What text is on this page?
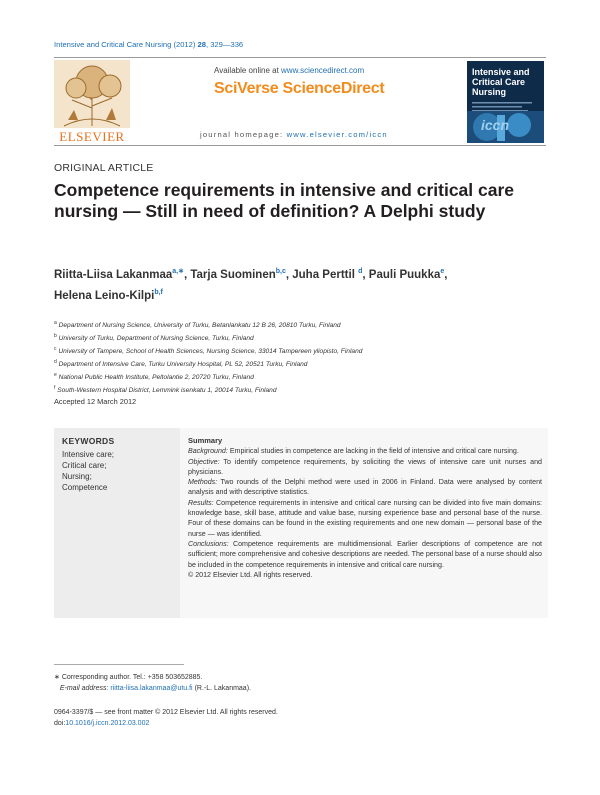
Intensive and Critical Care Nursing (2012) 28, 329—336
ELSEVIER
Available online at www.sciencedirect.com
SciVerse ScienceDirect
journal homepage: www.elsevier.com/iccn
Intensive and Critical Care Nursing
iccn
ORIGINAL ARTICLE
Competence requirements in intensive and critical care nursing — Still in need of definition? A Delphi study
Riitta-Liisa Lakanmaa$^{a,∗}$, Tarja Suominen$^{b,c}$, Juha Perttil $^d$, Pauli Puukka$^e$,
Helena Leino-Kilpi$^{b,f}$
$^a$ Department of Nursing Science, University of Turku, Betanlankatu 12 B 26, 20810 Turku, Finland
$^b$ University of Turku, Department of Nursing Science, Turku, Finland
$^c$ University of Tampere, School of Health Sciences, Nursing Science, 33014 Tampereen yliopisto, Finland
$^d$ Department of Intensive Care, Turku University Hospital, PL 52, 20521 Turku, Finland
$^e$ National Public Health Institute, Peltolantie 2, 20720 Turku, Finland
$^f$ South-Western Hospital District, Lemmink isenkatu 1, 20014 Turku, Finland
Accepted 12 March 2012
KEYWORDS
Intensive care;
Critical care;
Nursing;
Competence
Summary
Background: Empirical studies in competence are lacking in the field of intensive and critical care nursing.
Objective: To identify competence requirements, by soliciting the views of intensive care unit nurses and physicians.
Methods: Two rounds of the Delphi method were used in 2006 in Finland. Data were analysed by content analysis and with descriptive statistics.
Results: Competence requirements in intensive and critical care nursing can be divided into five main domains: knowledge base, skill base, attitude and value base, nursing experience base and personal base of the nurse. Four of these domains can be found in the existing requirements and one new domain — personal base of the nurse — was identified.
Conclusions: Competence requirements are multidimensional. Earlier descriptions of competence are not sufficient; more comprehensive and cohesive descriptions are needed. The personal base of a nurse should also be included in the competence requirements in intensive and critical care nursing.
© 2012 Elsevier Ltd. All rights reserved.
∗ Corresponding author. Tel.: +358 503652885.
E-mail address: riitta-liisa.lakanmaa@utu.fi (R.-L. Lakanmaa).
0964-3397/$ — see front matter © 2012 Elsevier Ltd. All rights reserved.
doi:10.1016/j.iccn.2012.03.002
